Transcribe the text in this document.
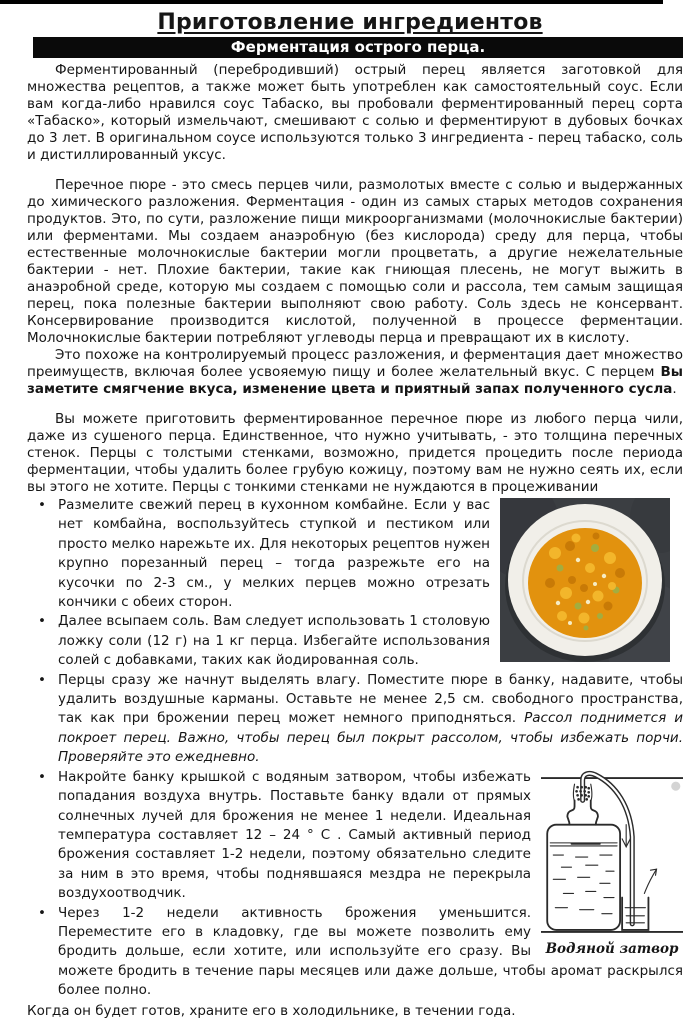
Приготовление ингредиентов
Ферментация острого перца.

Ферментированный (перебродивший) острый перец является заготовкой для множества рецептов, а также может быть употреблен как самостоятельный соус. Если вам когда-либо нравился соус Табаско, вы пробовали ферментированный перец сорта «Табаско», который измельчают, смешивают с солью и ферментируют в дубовых бочках до 3 лет. В оригинальном соусе используются только 3 ингредиента - перец табаско, соль и дистиллированный уксус.

Перечное пюре - это смесь перцев чили, размолотых вместе с солью и выдержанных до химического разложения. Ферментация - один из самых старых методов сохранения продуктов. Это, по сути, разложение пищи микроорганизмами (молочнокислые бактерии) или ферментами. Мы создаем анаэробную (без кислорода) среду для перца, чтобы естественные молочнокислые бактерии могли процветать, а другие нежелательные бактерии - нет. Плохие бактерии, такие как гниющая плесень, не могут выжить в анаэробной среде, которую мы создаем с помощью соли и рассола, тем самым защищая перец, пока полезные бактерии выполняют свою работу. Соль здесь не консервант. Консервирование производится кислотой, полученной в процессе ферментации. Молочнокислые бактерии потребляют углеводы перца и превращают их в кислоту.

Это похоже на контролируемый процесс разложения, и ферментация дает множество преимуществ, включая более усвояемую пищу и более желательный вкус. С перцем Вы заметите смягчение вкуса, изменение цвета и приятный запах полученного сусла.

Вы можете приготовить ферментированное перечное пюре из любого перца чили, даже из сушеного перца. Единственное, что нужно учитывать, - это толщина перечных стенок. Перцы с толстыми стенками, возможно, придется процедить после периода ферментации, чтобы удалить более грубую кожицу, поэтому вам не нужно сеять их, если вы этого не хотите. Перцы с тонкими стенками не нуждаются в процеживании

• Размелите свежий перец в кухонном комбайне. Если у вас нет комбайна, воспользуйтесь ступкой и пестиком или просто мелко нарежьте их. Для некоторых рецептов нужен крупно порезанный перец – тогда разрежьте его на кусочки по 2-3 см., у мелких перцев можно отрезать кончики с обеих сторон.
• Далее всыпаем соль. Вам следует использовать 1 столовую ложку соли (12 г) на 1 кг перца. Избегайте использования солей с добавками, таких как йодированная соль.
• Перцы сразу же начнут выделять влагу. Поместите пюре в банку, надавите, чтобы удалить воздушные карманы. Оставьте не менее 2,5 см. свободного пространства, так как при брожении перец может немного приподняться. Рассол поднимется и покроет перец. Важно, чтобы перец был покрыт рассолом, чтобы избежать порчи. Проверяйте это ежедневно.
Водяной затвор
• Накройте банку крышкой с водяным затвором, чтобы избежать попадания воздуха внутрь. Поставьте банку вдали от прямых солнечных лучей для брожения не менее 1 недели. Идеальная температура составляет 12 – 24 ° С . Самый активный период брожения составляет 1-2 недели, поэтому обязательно следите за ним в это время, чтобы поднявшаяся мездра не перекрыла воздухоотводчик.
• Через 1-2 недели активность брожения уменьшится. Переместите его в кладовку, где вы можете позволить ему бродить дольше, если хотите, или используйте его сразу. Вы можете бродить в течение пары месяцев или даже дольше, чтобы аромат раскрылся более полно.

Когда он будет готов, храните его в холодильнике, в течении года.
